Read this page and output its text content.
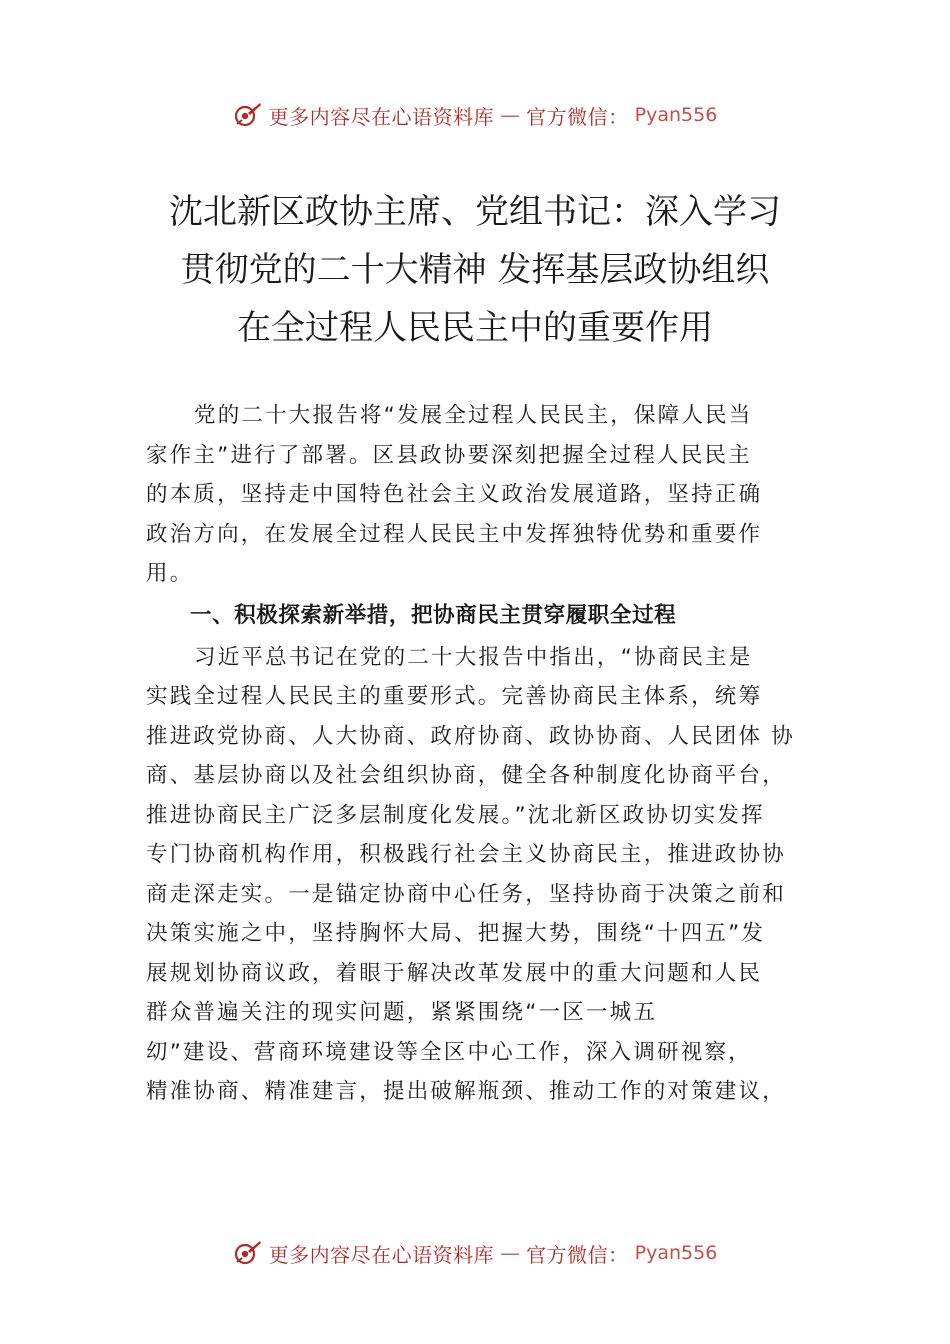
更多内容尽在心语资料库 — 官方微信： Pyan556
沈北新区政协主席、党组书记：深入学习
贯彻党的二十大精神 发挥基层政协组织
在全过程人民民主中的重要作用
党的二十大报告将“发展全过程人民民主，保障人民当
家作主”进行了部署。区县政协要深刻把握全过程人民民主
的本质，坚持走中国特色社会主义政治发展道路，坚持正确
政治方向，在发展全过程人民民主中发挥独特优势和重要作
用。
一、积极探索新举措，把协商民主贯穿履职全过程
习近平总书记在党的二十大报告中指出，“协商民主是
实践全过程人民民主的重要形式。完善协商民主体系，统筹
推进政党协商、人大协商、政府协商、政协协商、人民团体 协
商、基层协商以及社会组织协商，健全各种制度化协商平台，
推进协商民主广泛多层制度化发展。”沈北新区政协切实发挥
专门协商机构作用，积极践行社会主义协商民主，推进政协协
商走深走实。一是锚定协商中心任务，坚持协商于决策之前和
决策实施之中，坚持胸怀大局、把握大势，围绕“十四五”发
展规划协商议政，着眼于解决改革发展中的重大问题和人民
群众普遍关注的现实问题，紧紧围绕“一区一城五
㓜”建设、营商环境建设等全区中心工作，深入调研视察，
精准协商、精准建言，提出破解瓶颈、推动工作的对策建议，
更多内容尽在心语资料库 — 官方微信： Pyan556
